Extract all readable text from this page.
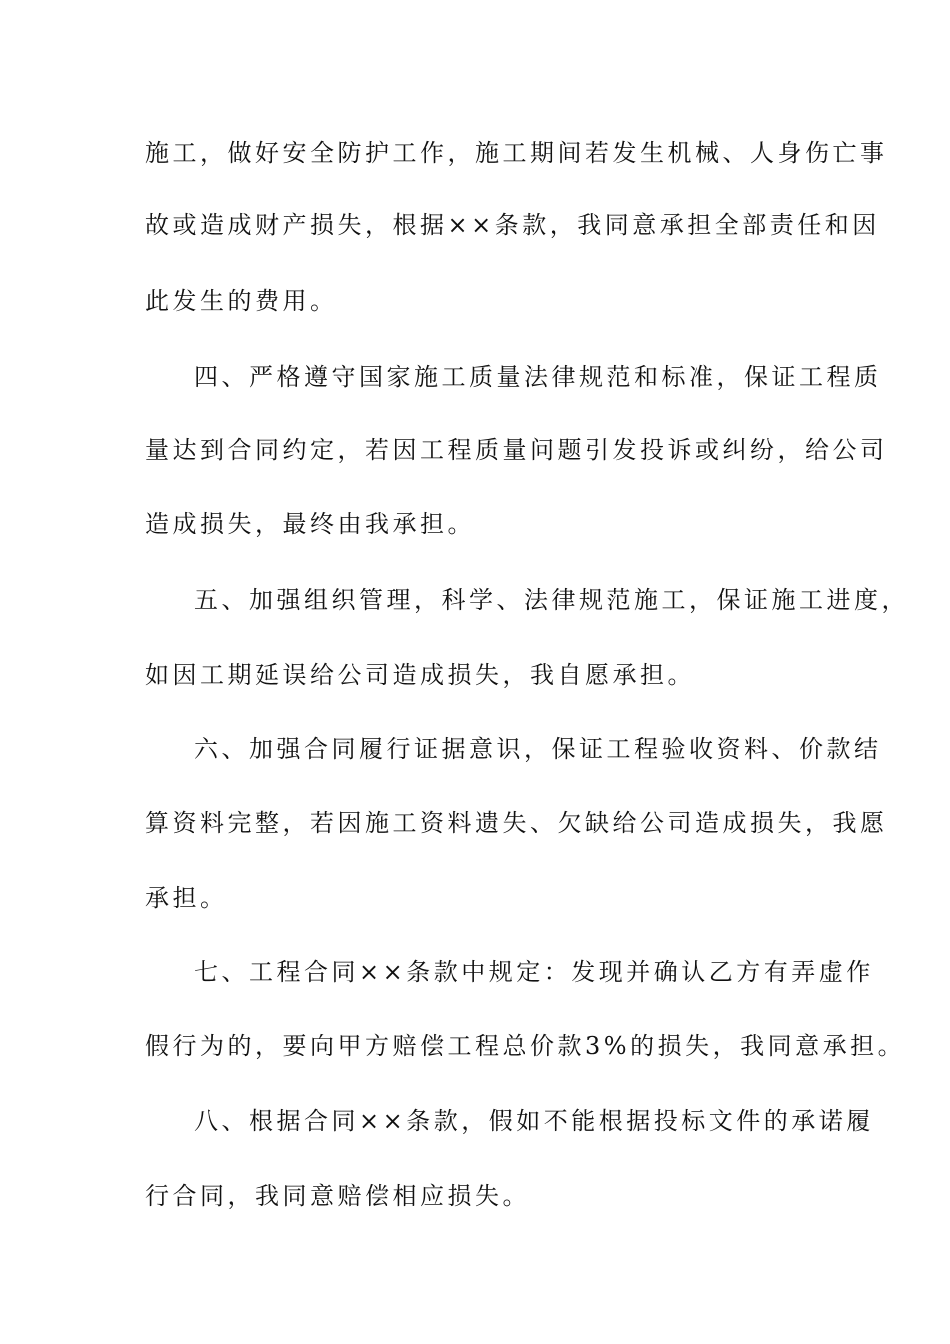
施工，做好安全防护工作，施工期间若发生机械、人身伤亡事
故或造成财产损失，根据××条款，我同意承担全部责任和因
此发生的费用。
四、严格遵守国家施工质量法律规范和标准，保证工程质
量达到合同约定，若因工程质量问题引发投诉或纠纷，给公司
造成损失，最终由我承担。
五、加强组织管理，科学、法律规范施工，保证施工进度，
如因工期延误给公司造成损失，我自愿承担。
六、加强合同履行证据意识，保证工程验收资料、价款结
算资料完整，若因施工资料遗失、欠缺给公司造成损失，我愿
承担。
七、工程合同××条款中规定：发现并确认乙方有弄虚作
假行为的，要向甲方赔偿工程总价款3%的损失，我同意承担。
八、根据合同××条款，假如不能根据投标文件的承诺履
行合同，我同意赔偿相应损失。
